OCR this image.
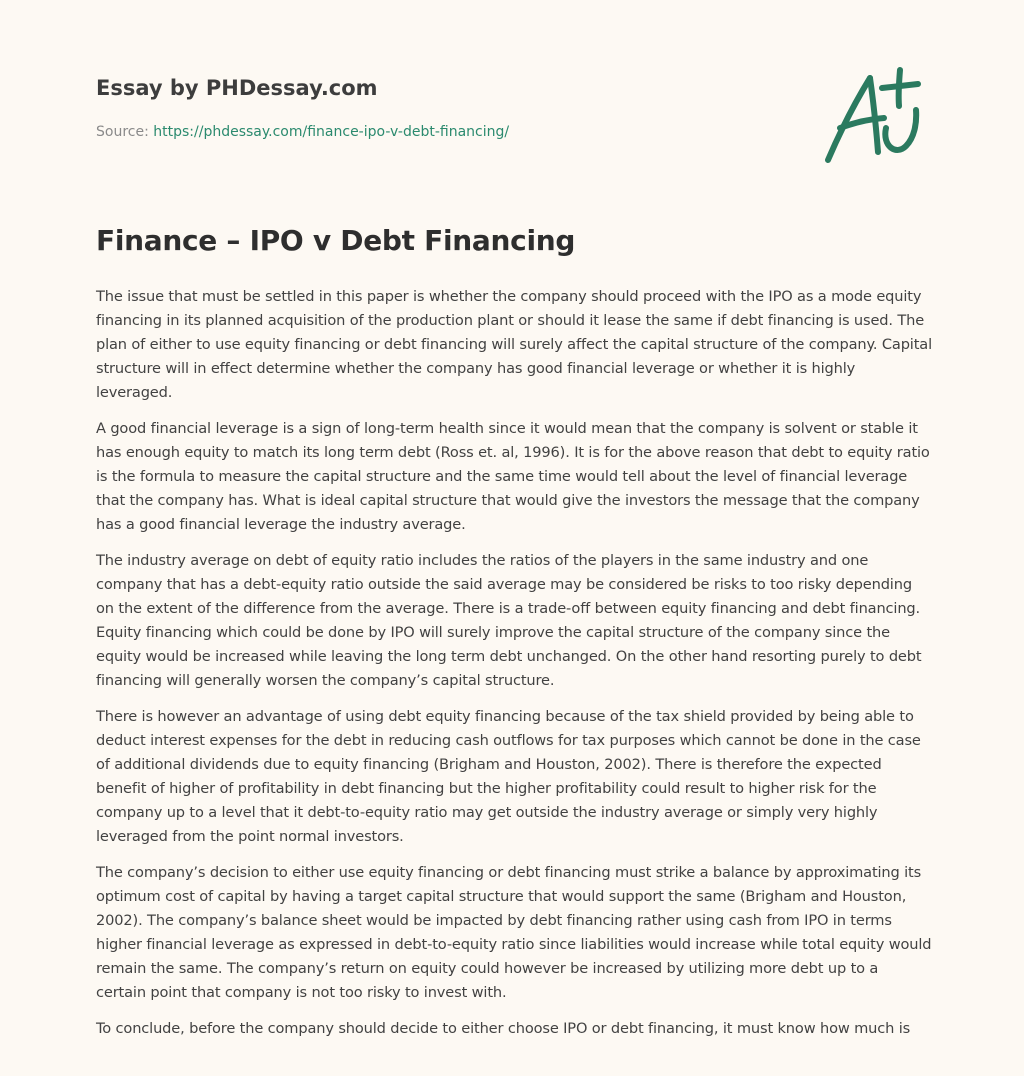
Essay by PHDessay.com
Source: https://phdessay.com/finance-ipo-v-debt-financing/
Finance – IPO v Debt Financing

The issue that must be settled in this paper is whether the company should proceed with the IPO as a mode equity financing in its planned acquisition of the production plant or should it lease the same if debt financing is used. The plan of either to use equity financing or debt financing will surely affect the capital structure of the company. Capital structure will in effect determine whether the company has good financial leverage or whether it is highly leveraged.

A good financial leverage is a sign of long-term health since it would mean that the company is solvent or stable it has enough equity to match its long term debt (Ross et. al, 1996). It is for the above reason that debt to equity ratio is the formula to measure the capital structure and the same time would tell about the level of financial leverage that the company has. What is ideal capital structure that would give the investors the message that the company has a good financial leverage the industry average.

The industry average on debt of equity ratio includes the ratios of the players in the same industry and one company that has a debt-equity ratio outside the said average may be considered be risks to too risky depending on the extent of the difference from the average. There is a trade-off between equity financing and debt financing. Equity financing which could be done by IPO will surely improve the capital structure of the company since the equity would be increased while leaving the long term debt unchanged. On the other hand resorting purely to debt financing will generally worsen the company’s capital structure.

There is however an advantage of using debt equity financing because of the tax shield provided by being able to deduct interest expenses for the debt in reducing cash outflows for tax purposes which cannot be done in the case of additional dividends due to equity financing (Brigham and Houston, 2002). There is therefore the expected benefit of higher of profitability in debt financing but the higher profitability could result to higher risk for the company up to a level that it debt-to-equity ratio may get outside the industry average or simply very highly leveraged from the point normal investors.

The company’s decision to either use equity financing or debt financing must strike a balance by approximating its optimum cost of capital by having a target capital structure that would support the same (Brigham and Houston, 2002). The company’s balance sheet would be impacted by debt financing rather using cash from IPO in terms higher financial leverage as expressed in debt-to-equity ratio since liabilities would increase while total equity would remain the same. The company’s return on equity could however be increased by utilizing more debt up to a certain point that company is not too risky to invest with.

To conclude, before the company should decide to either choose IPO or debt financing, it must know how much is
